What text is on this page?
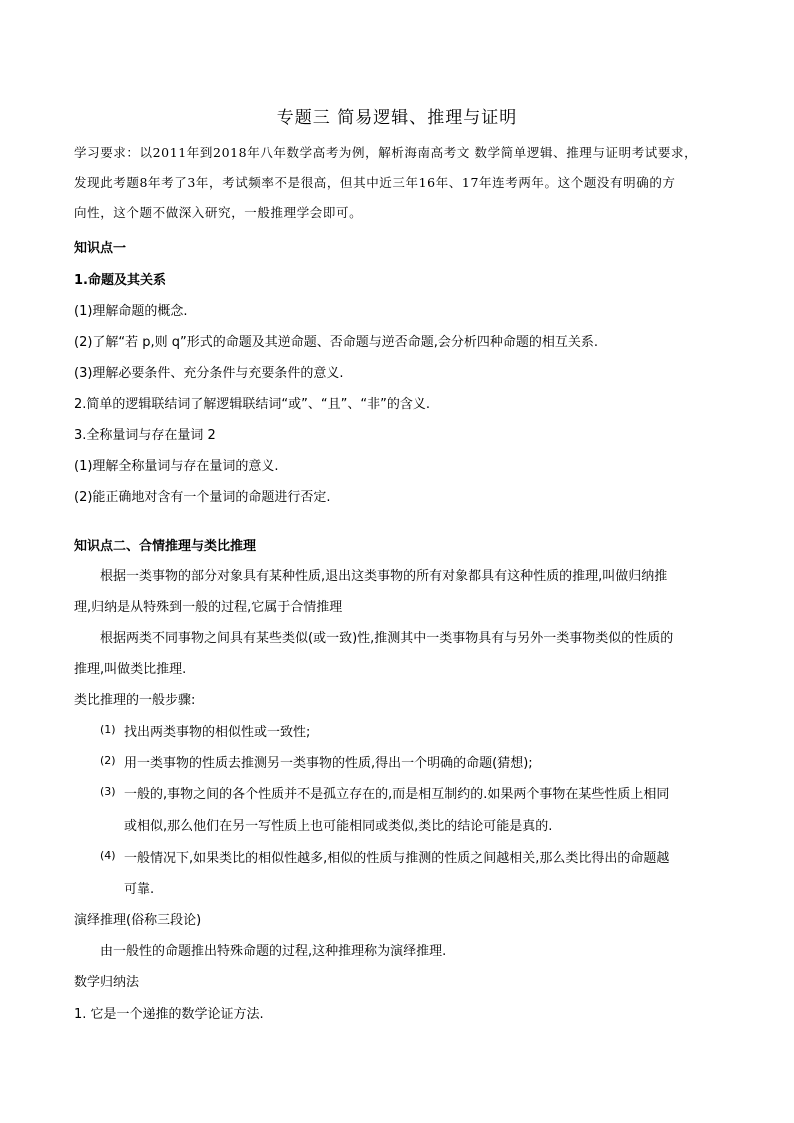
专题三 简易逻辑、推理与证明
学习要求：以2011年到2018年八年数学高考为例，解析海南高考文 数学简单逻辑、推理与证明考试要求，
发现此考题8年考了3年，考试频率不是很高，但其中近三年16年、17年连考两年。这个题没有明确的方
向性，这个题不做深入研究，一般推理学会即可。
知识点一
1.命题及其关系
(1)理解命题的概念.
(2)了解“若 p,则 q”形式的命题及其逆命题、否命题与逆否命题,会分析四种命题的相互关系.
(3)理解必要条件、充分条件与充要条件的意义.
2.简单的逻辑联结词了解逻辑联结词“或”、“且”、“非”的含义.
3.全称量词与存在量词 2
(1)理解全称量词与存在量词的意义.
(2)能正确地对含有一个量词的命题进行否定.
知识点二、合情推理与类比推理
根据一类事物的部分对象具有某种性质,退出这类事物的所有对象都具有这种性质的推理,叫做归纳推
理,归纳是从特殊到一般的过程,它属于合情推理
根据两类不同事物之间具有某些类似(或一致)性,推测其中一类事物具有与另外一类事物类似的性质的
推理,叫做类比推理.
类比推理的一般步骤:
(1) 找出两类事物的相似性或一致性;
(2) 用一类事物的性质去推测另一类事物的性质,得出一个明确的命题(猜想);
(3) 一般的,事物之间的各个性质并不是孤立存在的,而是相互制约的.如果两个事物在某些性质上相同
或相似,那么他们在另一写性质上也可能相同或类似,类比的结论可能是真的.
(4) 一般情况下,如果类比的相似性越多,相似的性质与推测的性质之间越相关,那么类比得出的命题越
可靠.
演绎推理(俗称三段论)
由一般性的命题推出特殊命题的过程,这种推理称为演绎推理.
数学归纳法
1. 它是一个递推的数学论证方法.
